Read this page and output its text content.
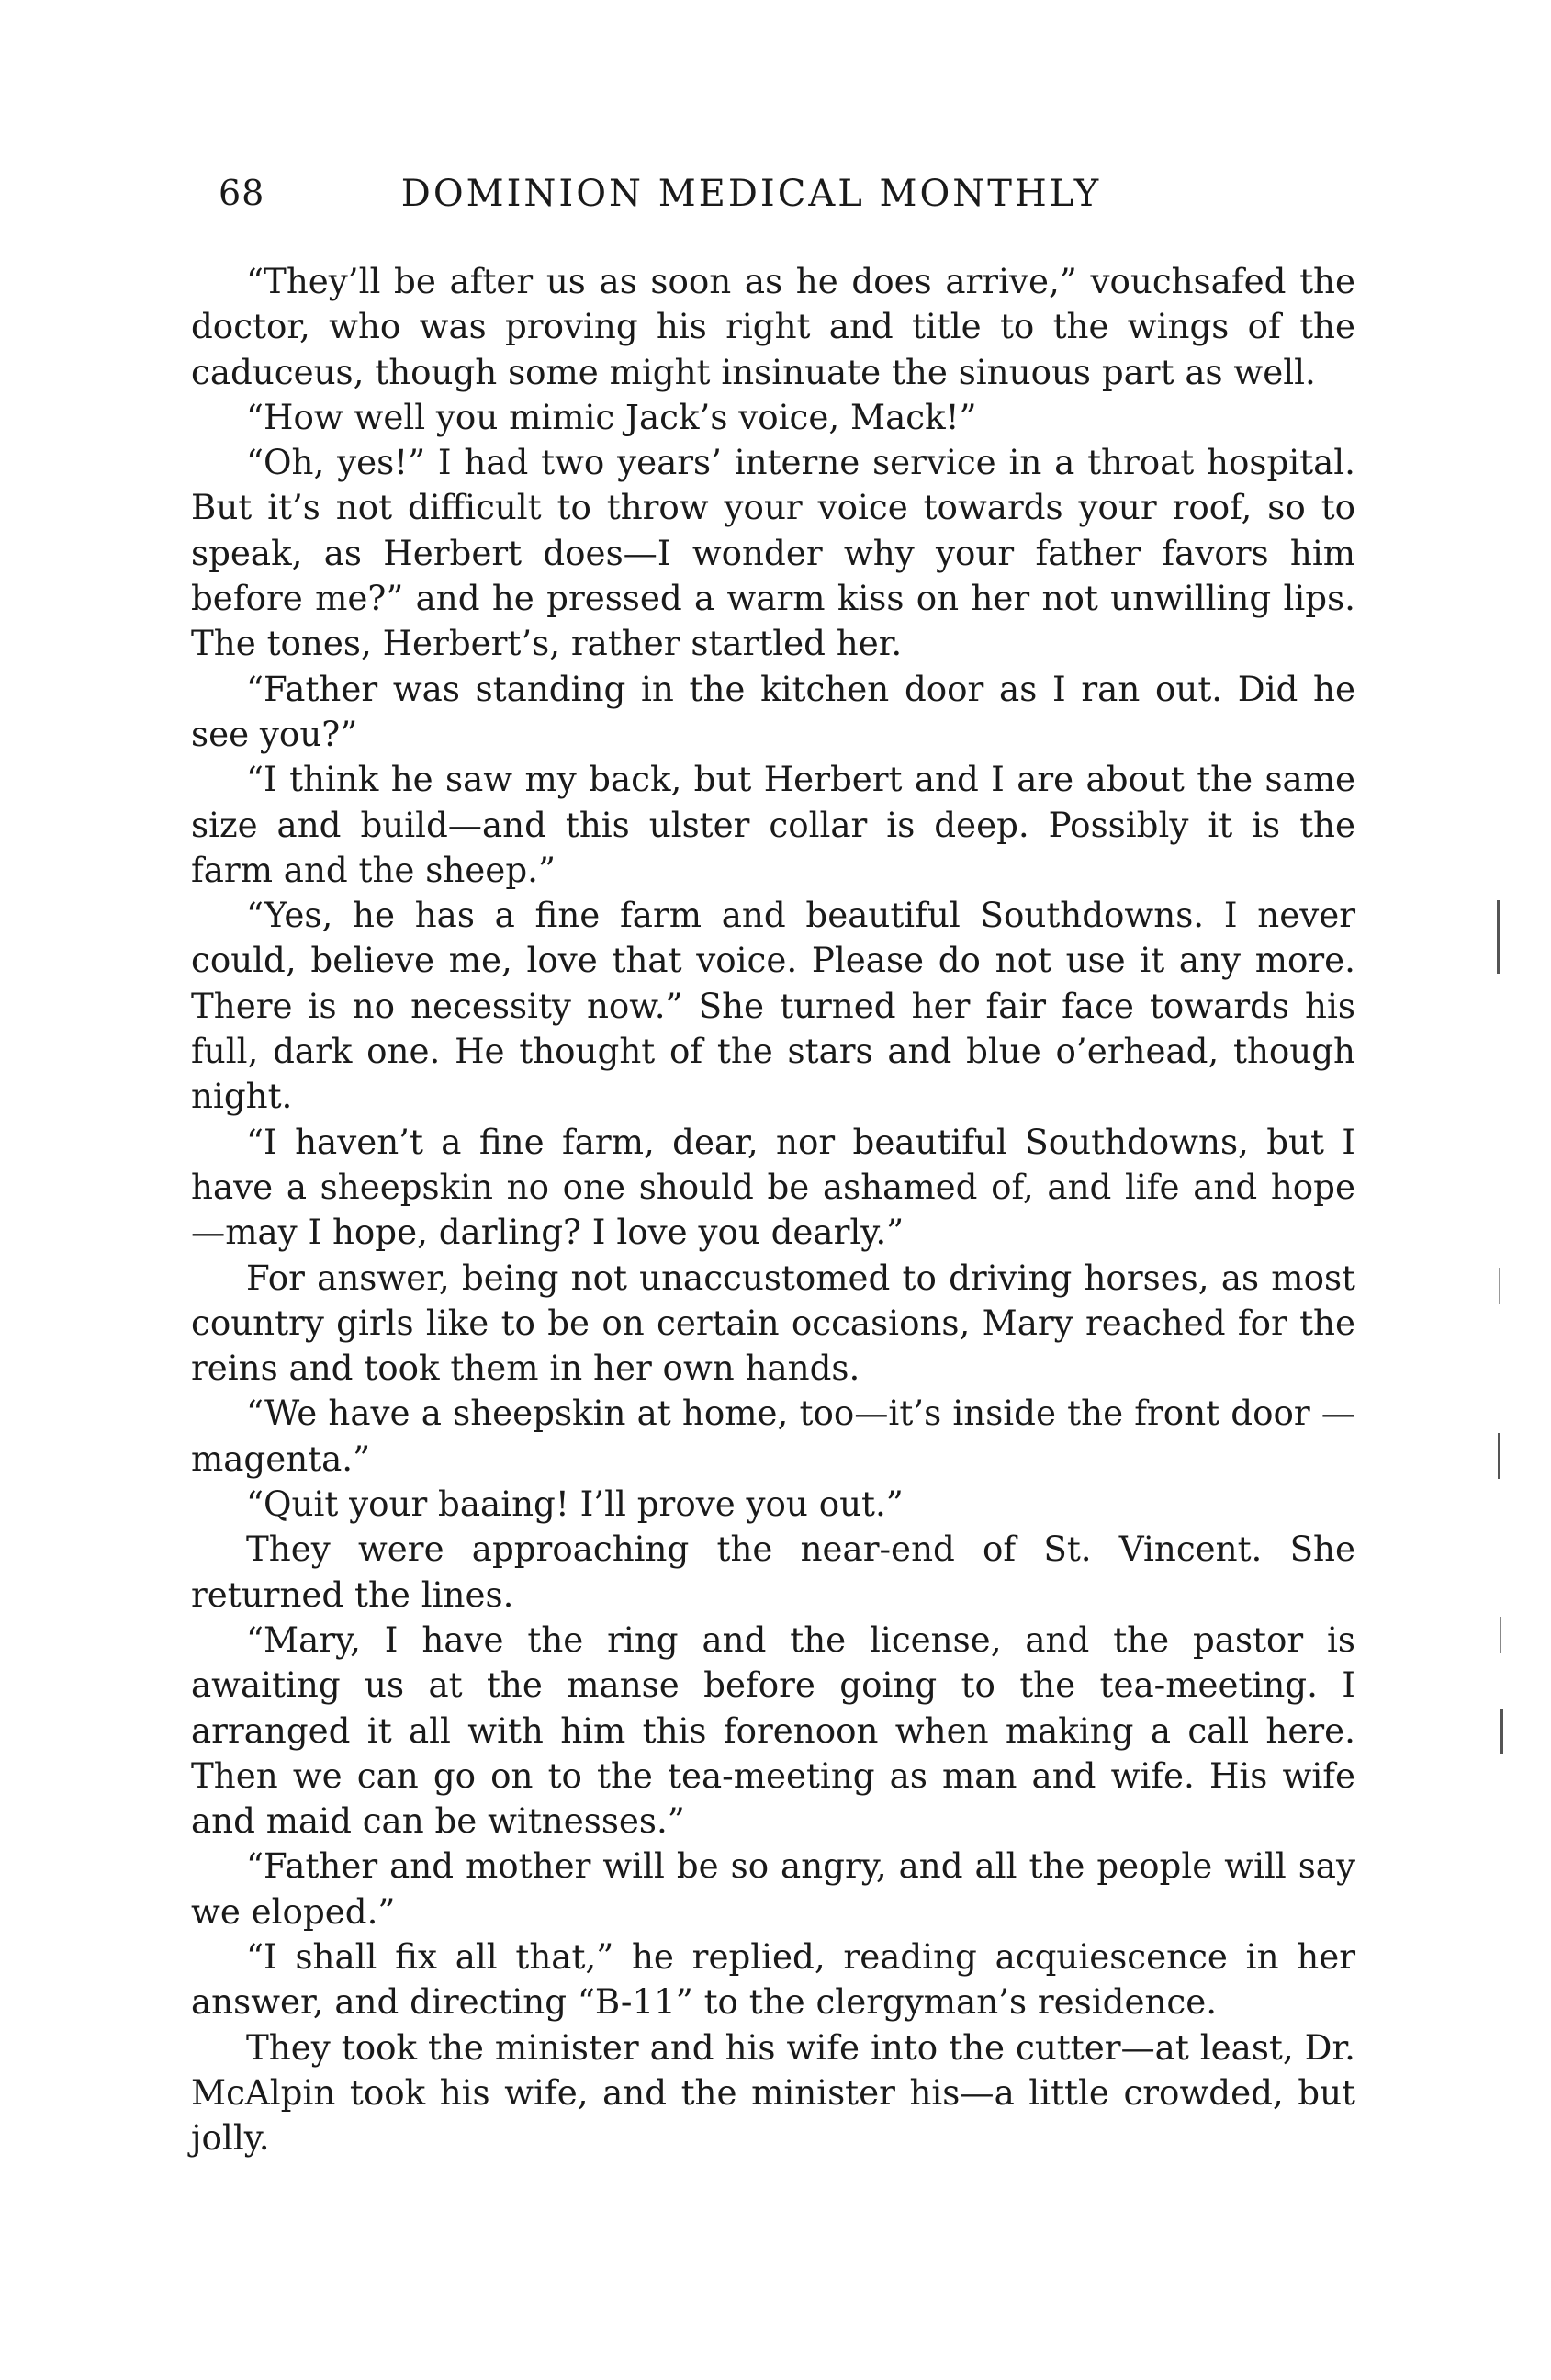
68	DOMINION MEDICAL MONTHLY

“They’ll be after us as soon as he does arrive,” vouchsafed the doctor, who was proving his right and title to the wings of the caduceus, though some might insinuate the sinuous part as well.

“How well you mimic Jack’s voice, Mack!”

“Oh, yes!” I had two years’ interne service in a throat hospital. But it’s not difficult to throw your voice towards your roof, so to speak, as Herbert does—I wonder why your father favors him before me?” and he pressed a warm kiss on her not unwilling lips. The tones, Herbert’s, rather startled her.

“Father was standing in the kitchen door as I ran out. Did he see you?”

“I think he saw my back, but Herbert and I are about the same size and build—and this ulster collar is deep. Possibly it is the farm and the sheep.”

“Yes, he has a fine farm and beautiful Southdowns. I never could, believe me, love that voice. Please do not use it any more. There is no necessity now.” She turned her fair face towards his full, dark one. He thought of the stars and blue o’erhead, though night.

“I haven’t a fine farm, dear, nor beautiful Southdowns, but I have a sheepskin no one should be ashamed of, and life and hope —may I hope, darling? I love you dearly.”

For answer, being not unaccustomed to driving horses, as most country girls like to be on certain occasions, Mary reached for the reins and took them in her own hands.

“We have a sheepskin at home, too—it’s inside the front door —magenta.”

“Quit your baaing! I’ll prove you out.”

They were approaching the near-end of St. Vincent. She returned the lines.

“Mary, I have the ring and the license, and the pastor is awaiting us at the manse before going to the tea-meeting. I arranged it all with him this forenoon when making a call here. Then we can go on to the tea-meeting as man and wife. His wife and maid can be witnesses.”

“Father and mother will be so angry, and all the people will say we eloped.”

“I shall fix all that,” he replied, reading acquiescence in her answer, and directing “B-11” to the clergyman’s residence.

They took the minister and his wife into the cutter—at least, Dr. McAlpin took his wife, and the minister his—a little crowded, but jolly.
